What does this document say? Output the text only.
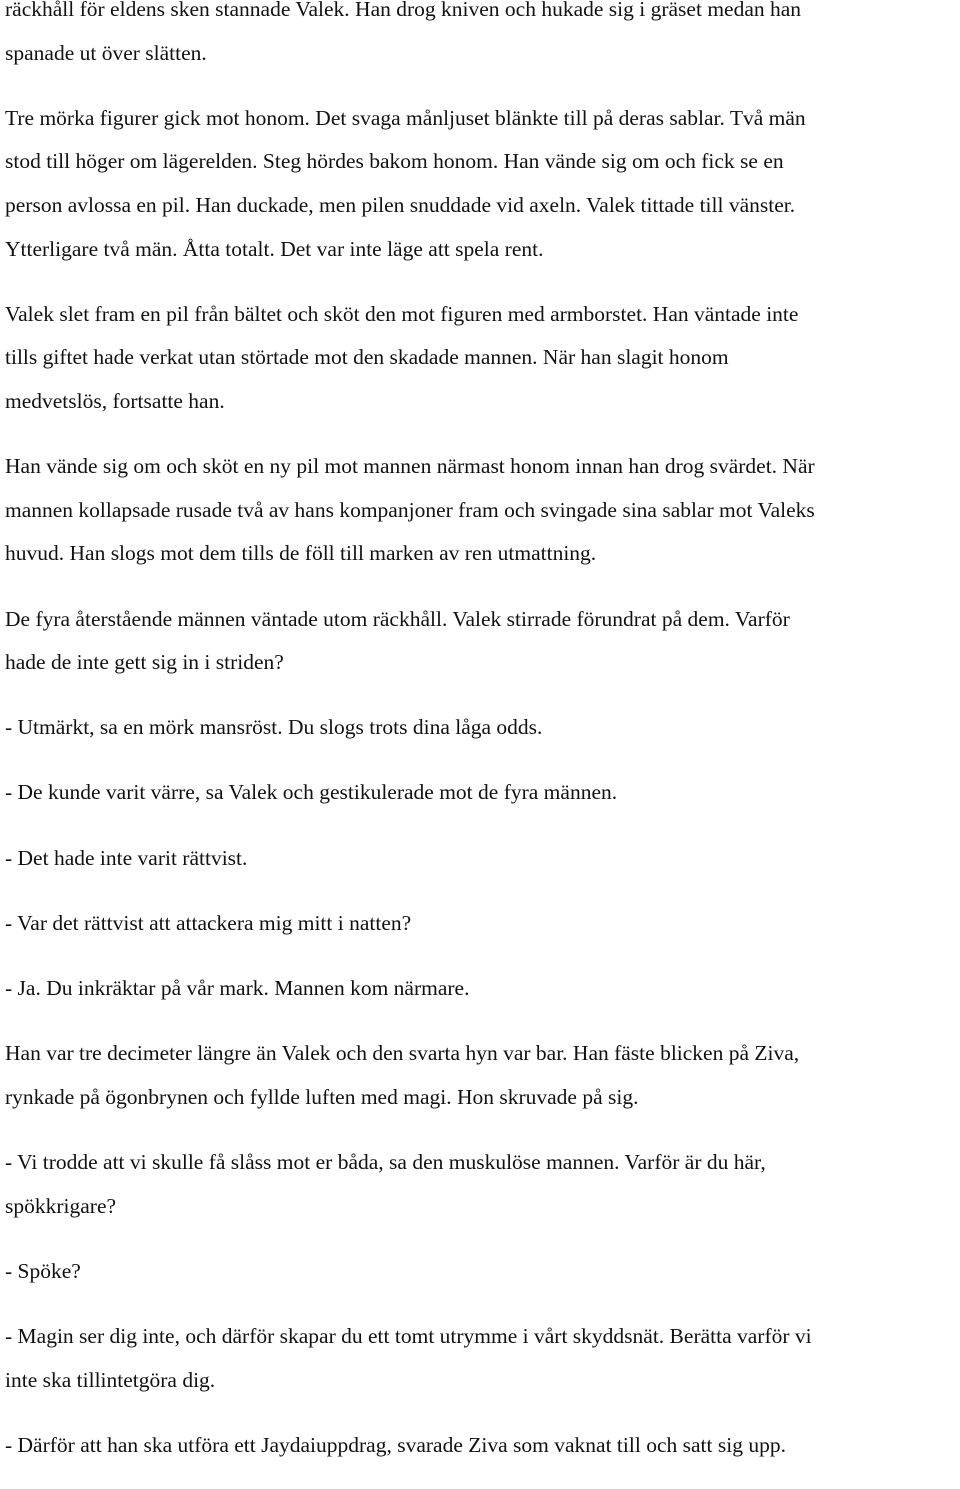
räckhåll för eldens sken stannade Valek. Han drog kniven och hukade sig i gräset medan han
spanade ut över slätten.

Tre mörka figurer gick mot honom. Det svaga månljuset blänkte till på deras sablar. Två män
stod till höger om lägerelden. Steg hördes bakom honom. Han vände sig om och fick se en
person avlossa en pil. Han duckade, men pilen snuddade vid axeln. Valek tittade till vänster.
Ytterligare två män. Åtta totalt. Det var inte läge att spela rent.

Valek slet fram en pil från bältet och sköt den mot figuren med armborstet. Han väntade inte
tills giftet hade verkat utan störtade mot den skadade mannen. När han slagit honom
medvetslös, fortsatte han.

Han vände sig om och sköt en ny pil mot mannen närmast honom innan han drog svärdet. När
mannen kollapsade rusade två av hans kompanjoner fram och svingade sina sablar mot Valeks
huvud. Han slogs mot dem tills de föll till marken av ren utmattning.

De fyra återstående männen väntade utom räckhåll. Valek stirrade förundrat på dem. Varför
hade de inte gett sig in i striden?

- Utmärkt, sa en mörk mansröst. Du slogs trots dina låga odds.

- De kunde varit värre, sa Valek och gestikulerade mot de fyra männen.

- Det hade inte varit rättvist.

- Var det rättvist att attackera mig mitt i natten?

- Ja. Du inkräktar på vår mark. Mannen kom närmare.

Han var tre decimeter längre än Valek och den svarta hyn var bar. Han fäste blicken på Ziva,
rynkade på ögonbrynen och fyllde luften med magi. Hon skruvade på sig.

- Vi trodde att vi skulle få slåss mot er båda, sa den muskulöse mannen. Varför är du här,
spökkrigare?

- Spöke?

- Magin ser dig inte, och därför skapar du ett tomt utrymme i vårt skyddsnät. Berätta varför vi
inte ska tillintetgöra dig.

- Därför att han ska utföra ett Jaydaiuppdrag, svarade Ziva som vaknat till och satt sig upp.
